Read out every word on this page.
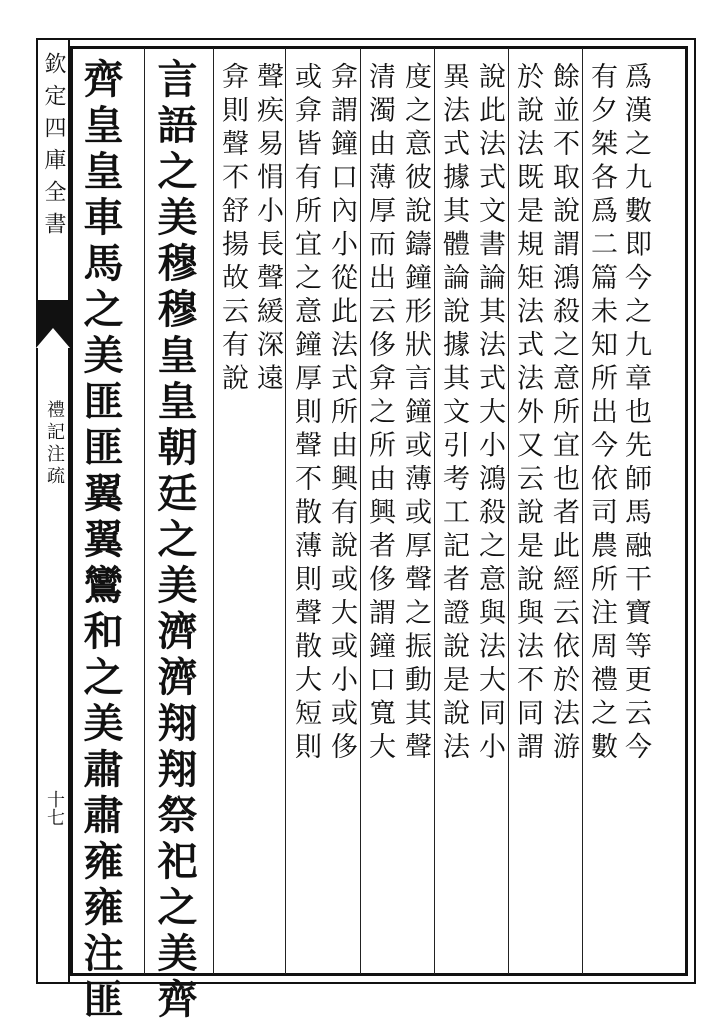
欽定四庫全書
禮記注疏
十七
爲漢之九數即今之九章也先師馬融干寶等更云今
有夕桀各爲二篇未知所出今依司農所注周禮之數
餘並不取說謂鴻殺之意所宜也者此經云依於法游
於說法既是規矩法式法外又云說是說與法不同謂
說此法式文書論其法式大小鴻殺之意與法大同小
異法式據其體論說據其文引考工記者證說是說法
度之意彼說鑄鐘形狀言鐘或薄或厚聲之振動其聲
清濁由薄厚而出云侈弇之所由興者侈謂鐘口寬大
弇謂鐘口內小從此法式所由興有說或大或小或侈
或弇皆有所宜之意鐘厚則聲不散薄則聲散大短則
聲疾易悁小長聲緩深遠
弇則聲不舒揚故云有說
言語之美穆穆皇皇朝廷之美濟濟翔翔祭祀之美齊
齊皇皇車馬之美匪匪翼翼鸞和之美肅肅雍雍注匪
